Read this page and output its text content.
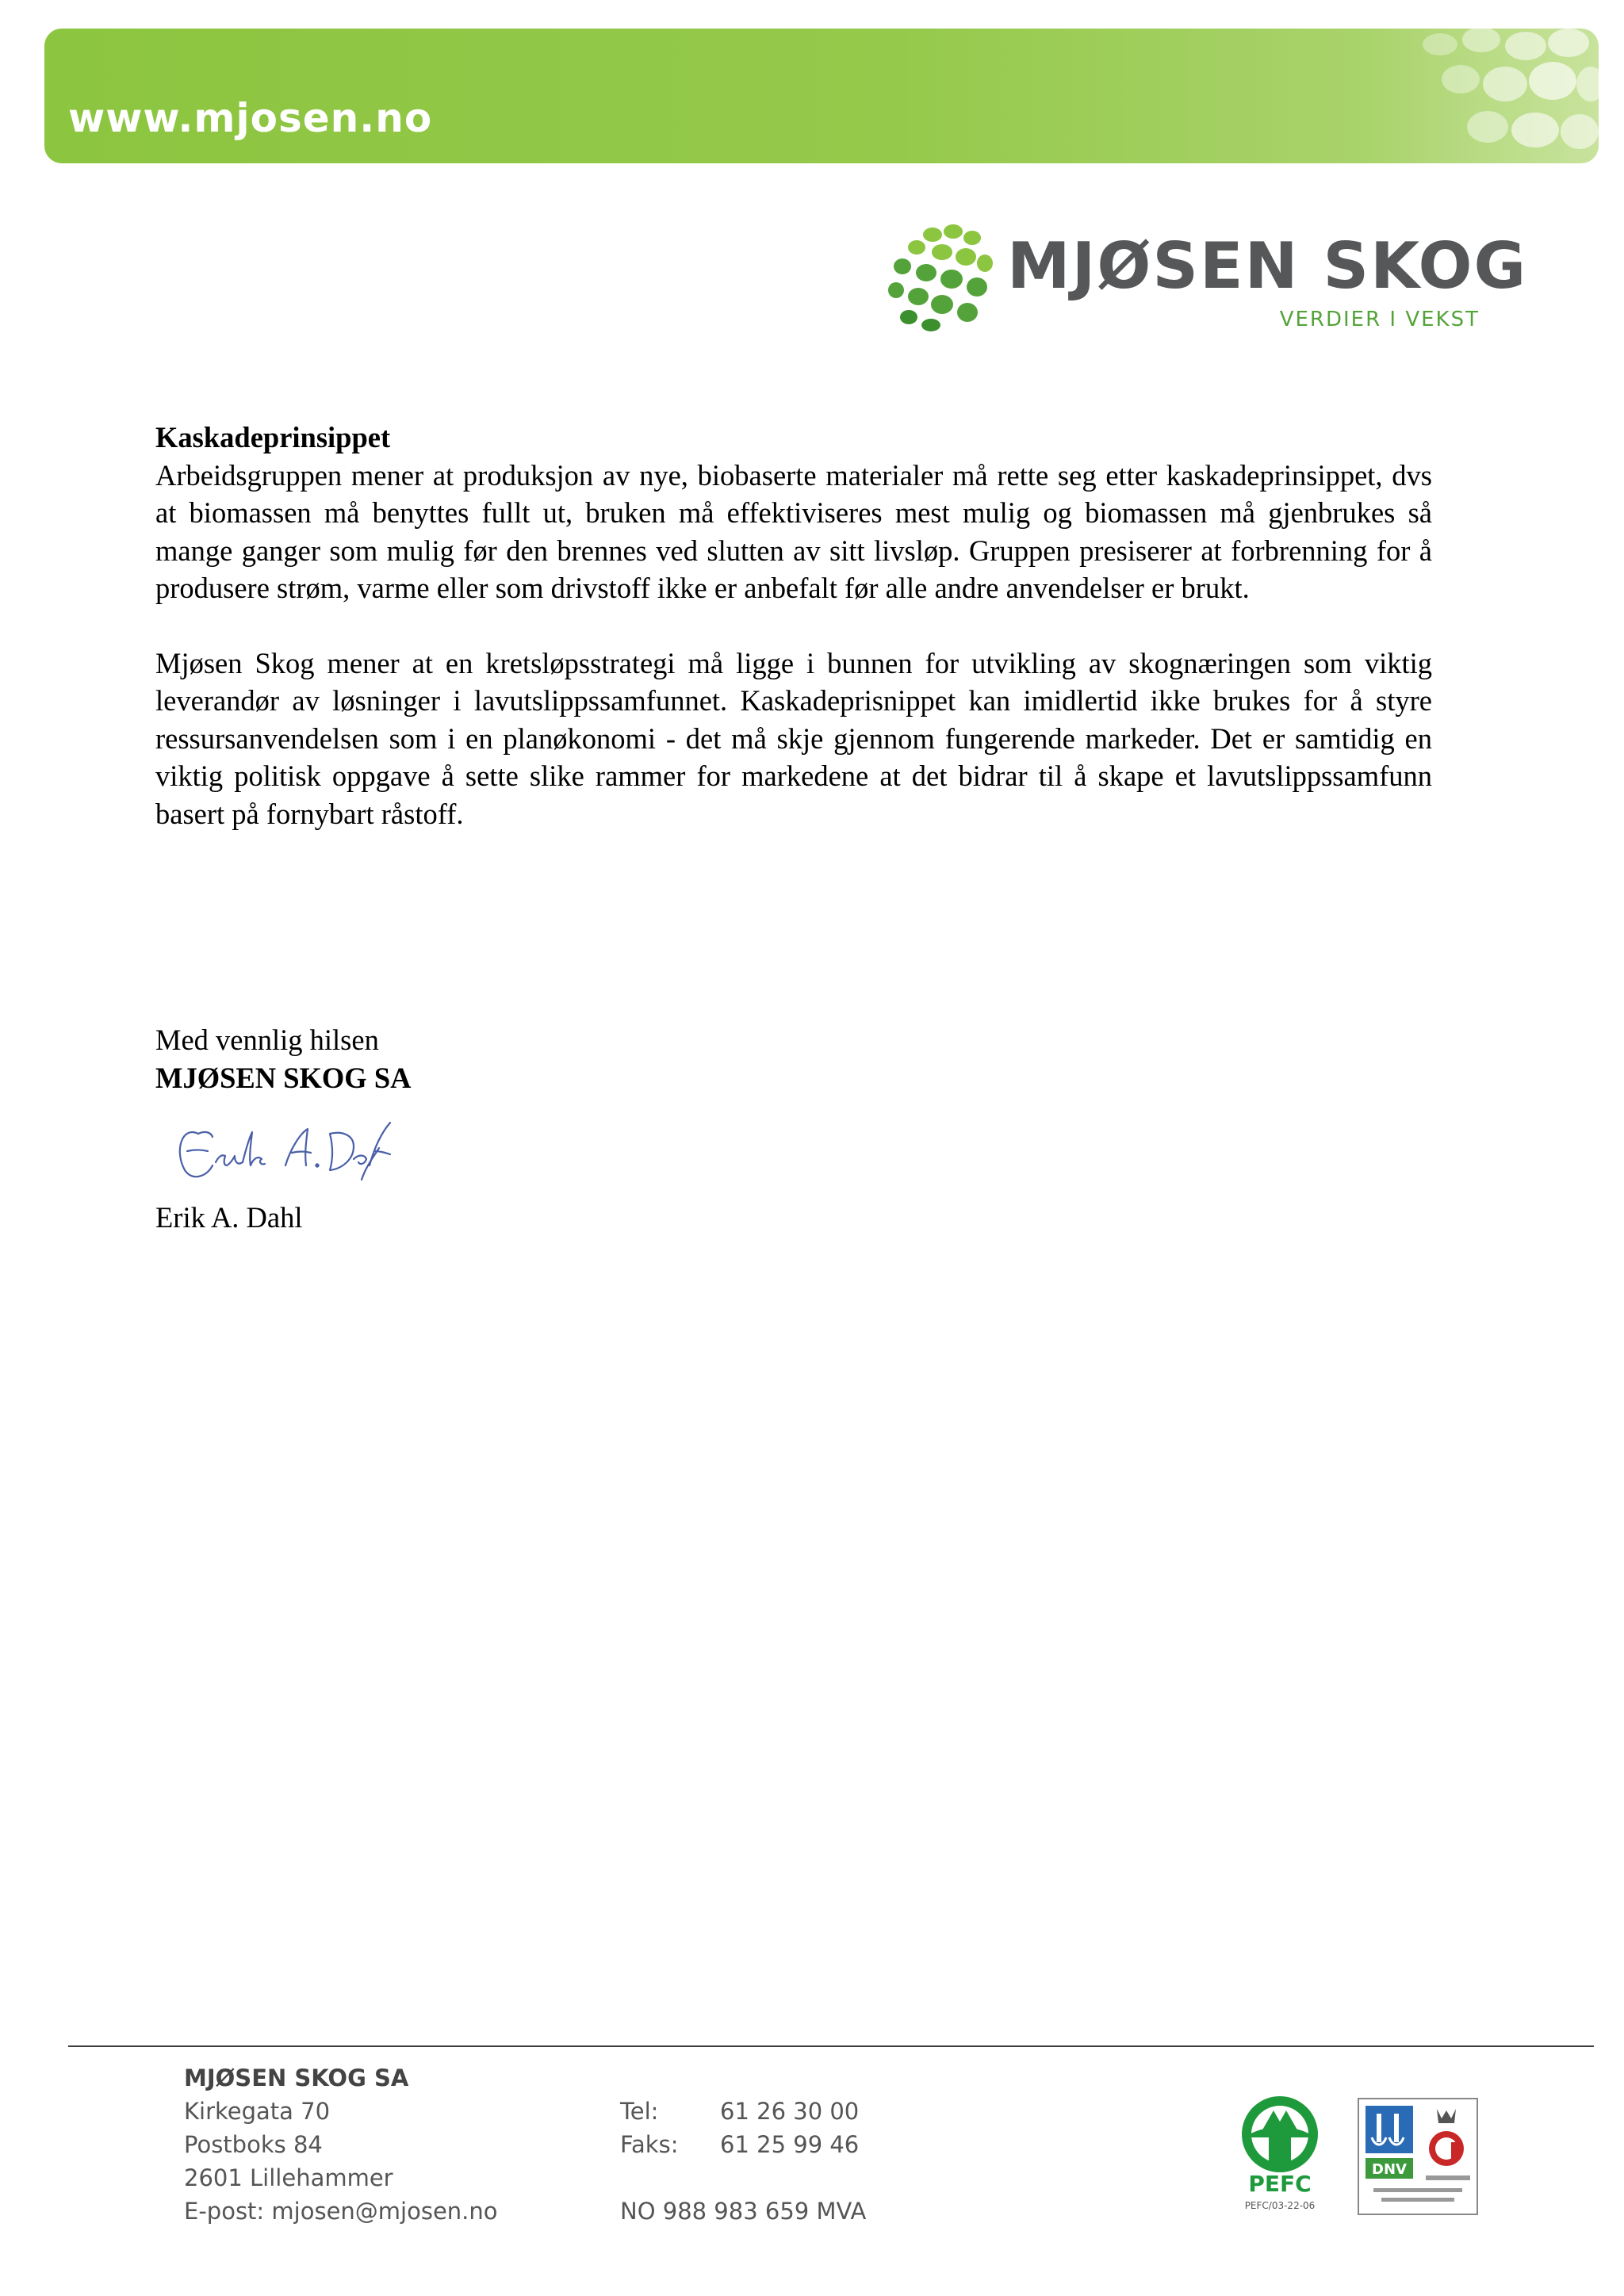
www.mjosen.no
MJØSEN SKOG
VERDIER I VEKST

Kaskadeprinsippet

Arbeidsgruppen mener at produksjon av nye, biobaserte materialer må rette seg etter kaskadeprinsippet, dvs at biomassen må benyttes fullt ut, bruken må effektiviseres mest mulig og biomassen må gjenbrukes så mange ganger som mulig før den brennes ved slutten av sitt livsløp. Gruppen presiserer at forbrenning for å produsere strøm, varme eller som drivstoff ikke er anbefalt før alle andre anvendelser er brukt.

Mjøsen Skog mener at en kretsløpsstrategi må ligge i bunnen for utvikling av skognæringen som viktig leverandør av løsninger i lavutslippssamfunnet. Kaskadeprisnippet kan imidlertid ikke brukes for å styre ressursanvendelsen som i en planøkonomi - det må skje gjennom fungerende markeder. Det er samtidig en viktig politisk oppgave å sette slike rammer for markedene at det bidrar til å skape et lavutslippssamfunn basert på fornybart råstoff.

Med vennlig hilsen
MJØSEN SKOG SA
Erik A. Dahl
MJØSEN SKOG SA
Kirkegata 70
Postboks 84
2601 Lillehammer
E-post: mjosen@mjosen.no
Tel:	61 26 30 00
Faks:	61 25 99 46
NO 988 983 659 MVA
PEFC
PEFC/03-22-06
DNV
